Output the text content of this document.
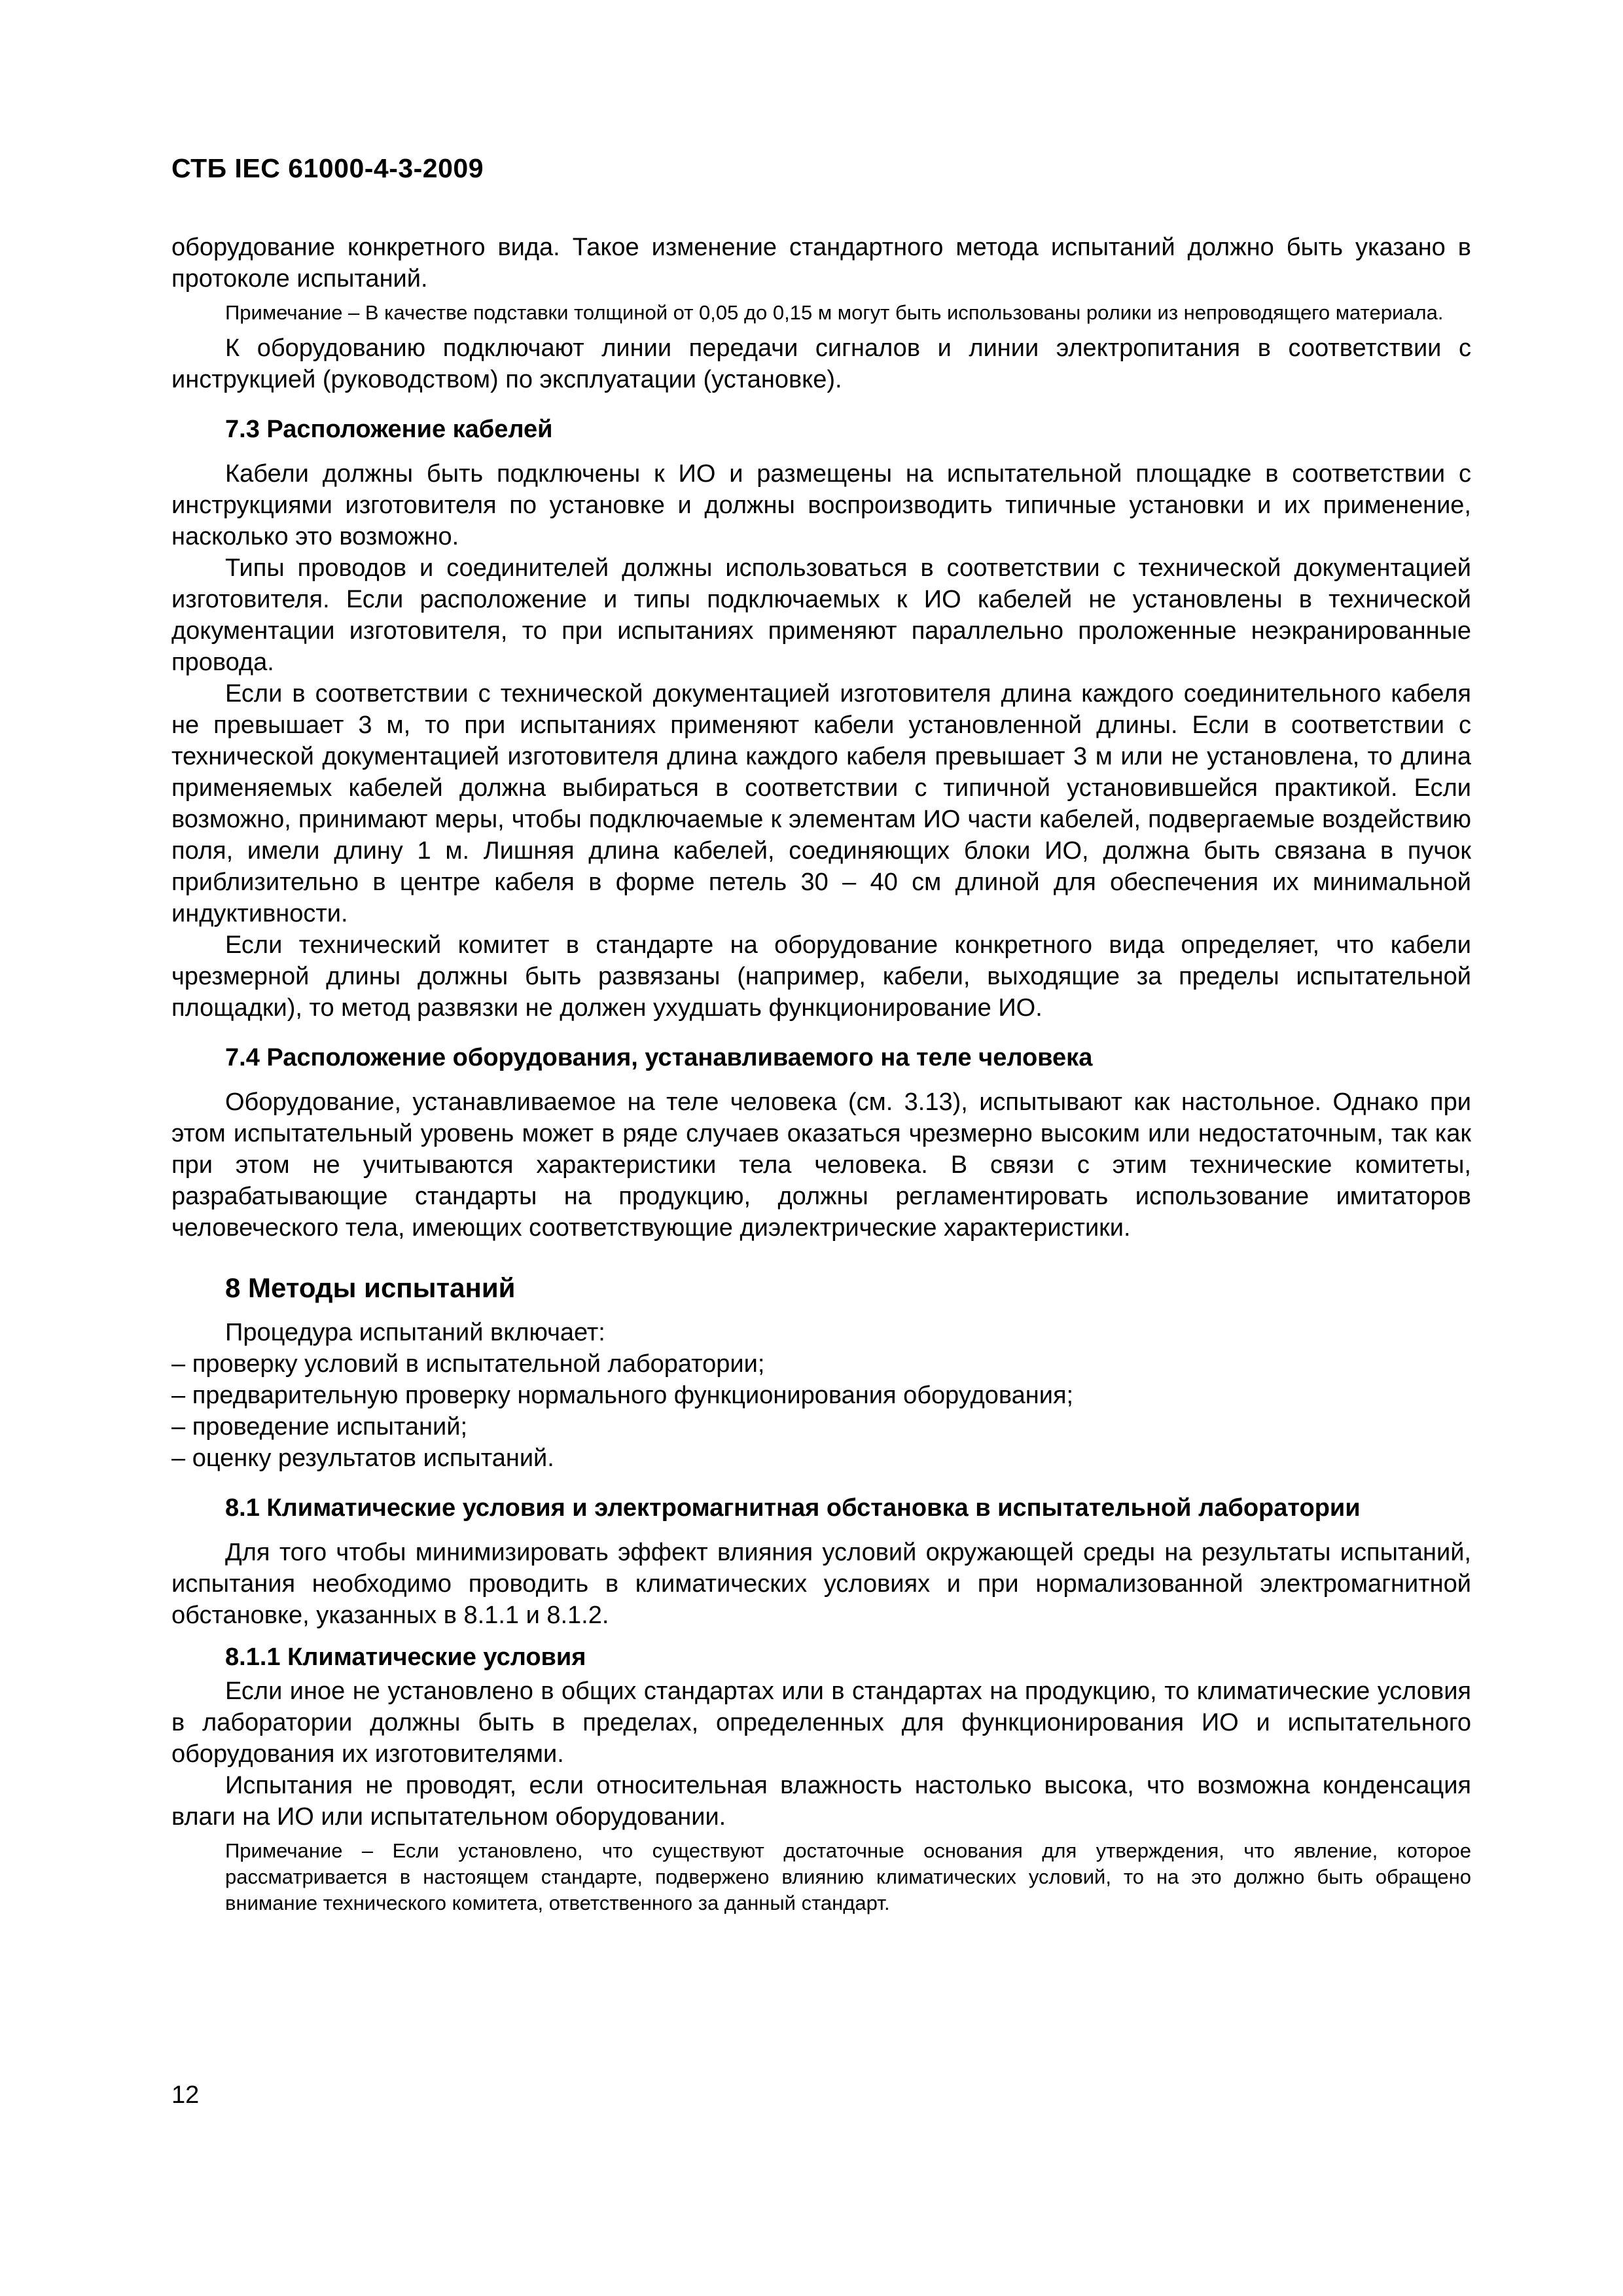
СТБ IEC 61000-4-3-2009

оборудование конкретного вида. Такое изменение стандартного метода испытаний должно быть указано в протоколе испытаний.

Примечание – В качестве подставки толщиной от 0,05 до 0,15 м могут быть использованы ролики из непроводящего материала.

К оборудованию подключают линии передачи сигналов и линии электропитания в соответствии с инструкцией (руководством) по эксплуатации (установке).

7.3 Расположение кабелей

Кабели должны быть подключены к ИО и размещены на испытательной площадке в соответствии с инструкциями изготовителя по установке и должны воспроизводить типичные установки и их применение, насколько это возможно.

Типы проводов и соединителей должны использоваться в соответствии с технической документацией изготовителя. Если расположение и типы подключаемых к ИО кабелей не установлены в технической документации изготовителя, то при испытаниях применяют параллельно проложенные неэкранированные провода.

Если в соответствии с технической документацией изготовителя длина каждого соединительного кабеля не превышает 3 м, то при испытаниях применяют кабели установленной длины. Если в соответствии с технической документацией изготовителя длина каждого кабеля превышает 3 м или не установлена, то длина применяемых кабелей должна выбираться в соответствии с типичной установившейся практикой. Если возможно, принимают меры, чтобы подключаемые к элементам ИО части кабелей, подвергаемые воздействию поля, имели длину 1 м. Лишняя длина кабелей, соединяющих блоки ИО, должна быть связана в пучок приблизительно в центре кабеля в форме петель 30 – 40 см длиной для обеспечения их минимальной индуктивности.

Если технический комитет в стандарте на оборудование конкретного вида определяет, что кабели чрезмерной длины должны быть развязаны (например, кабели, выходящие за пределы испытательной площадки), то метод развязки не должен ухудшать функционирование ИО.

7.4 Расположение оборудования, устанавливаемого на теле человека

Оборудование, устанавливаемое на теле человека (см. 3.13), испытывают как настольное. Однако при этом испытательный уровень может в ряде случаев оказаться чрезмерно высоким или недостаточным, так как при этом не учитываются характеристики тела человека. В связи с этим технические комитеты, разрабатывающие стандарты на продукцию, должны регламентировать использование имитаторов человеческого тела, имеющих соответствующие диэлектрические характеристики.

8 Методы испытаний

Процедура испытаний включает:

– проверку условий в испытательной лаборатории;
– предварительную проверку нормального функционирования оборудования;
– проведение испытаний;
– оценку результатов испытаний.
8.1 Климатические условия и электромагнитная обстановка в испытательной лаборатории

Для того чтобы минимизировать эффект влияния условий окружающей среды на результаты испытаний, испытания необходимо проводить в климатических условиях и при нормализованной электромагнитной обстановке, указанных в 8.1.1 и 8.1.2.

8.1.1 Климатические условия

Если иное не установлено в общих стандартах или в стандартах на продукцию, то климатические условия в лаборатории должны быть в пределах, определенных для функционирования ИО и испытательного оборудования их изготовителями.

Испытания не проводят, если относительная влажность настолько высока, что возможна конденсация влаги на ИО или испытательном оборудовании.

Примечание – Если установлено, что существуют достаточные основания для утверждения, что явление, которое рассматривается в настоящем стандарте, подвержено влиянию климатических условий, то на это должно быть обращено внимание технического комитета, ответственного за данный стандарт.

12
